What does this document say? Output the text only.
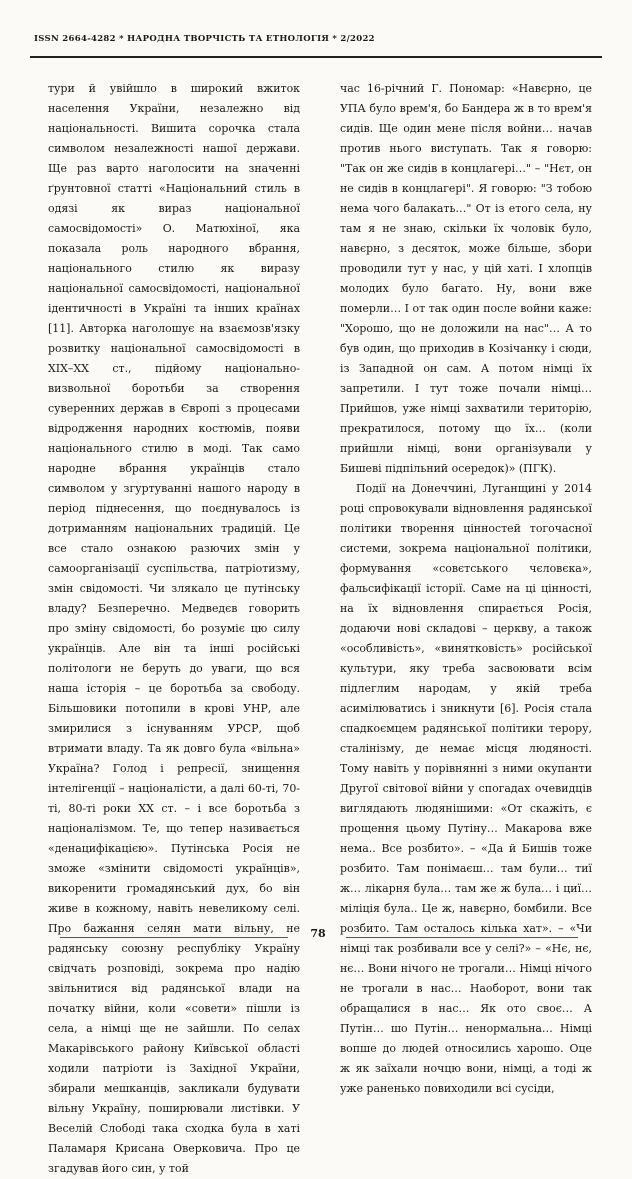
ISSN 2664-4282 * НАРОДНА ТВОРЧІСТЬ ТА ЕТНОЛОГІЯ * 2/2022

тури й увійшло в широкий вжиток населення України, незалежно від національності. Вишита сорочка стала символом незалежності нашої держави. Ще раз варто наголосити на значенні ґрунтовної статті «Національний стиль в одязі як вираз національної самосвідомості» О. Матюхіної, яка показала роль народного вбрання, національного стилю як виразу національної самосвідомості, національної ідентичності в Україні та інших країнах [11]. Авторка наголошує на взаємозв'язку розвитку національної самосвідомості в ХІХ–ХХ ст., підйому національно-визвольної боротьби за створення суверенних держав в Європі з процесами відродження народних костюмів, появи національного стилю в моді. Так само народне вбрання українців стало символом у згуртуванні нашого народу в період піднесення, що поєднувалось із дотриманням національних традицій. Це все стало ознакою разючих змін у самоорганізації суспільства, патріотизму, змін свідомості. Чи злякало це путінську владу? Безперечно. Медведєв говорить про зміну свідомості, бо розуміє цю силу українців. Але він та інші російські політологи не беруть до уваги, що вся наша історія – це боротьба за свободу. Більшовики потопили в крові УНР, але змирилися з існуванням УРСР, щоб втримати владу. Та як довго була «вільна» Україна? Голод і репресії, знищення інтелігенції – націоналісти, а далі 60-ті, 70-ті, 80-ті роки ХХ ст. – і все боротьба з націоналізмом. Те, що тепер називається «денацифікацією». Путінська Росія не зможе «змінити свідомості українців», викоренити громадянський дух, бо він живе в кожному, навіть невеликому селі. Про бажання селян мати вільну, не радянську союзну республіку Україну свідчать розповіді, зокрема про надію звільнитися від радянської влади на початку війни, коли «совети» пішли із села, а німці ще не зайшли. По селах Макарівського району Київської області ходили патріоти із Західної України, збирали мешканців, закликали будувати вільну Україну, поширювали листівки. У Веселій Слободі така сходка була в хаті Паламаря Крисана Оверковича. Про це згадував його син, у той

час 16-річний Г. Пономар: «Навєрно, це УПА було врем'я, бо Бандера ж в то врем'я сидів. Ще один мене після войни… начав против нього виступать. Так я говорю: "Так он же сидів в концлагері…" – "Нєт, он не сидів в концлагері". Я говорю: "З тобою нема чого балакать…" От із етого села, ну там я не знаю, скільки їх чоловік було, навєрно, з десяток, може більше, збори проводили тут у нас, у цій хаті. І хлопців молодих було багато. Ну, вони вже померли… І от так один после войни каже: "Хорошо, що не доложили на нас"… А то був один, що приходив в Козічанку і сюди, із Западной он сам. А потом німці їх запретили. І тут тоже почали німці… Прийшов, уже німці захватили територію, прекратилося, потому що їх… (коли прийшли німці, вони організували у Бишеві підпільний осередок)» (ПГК).

Події на Донеччині, Луганщині у 2014 році спровокували відновлення радянської політики творення цінностей тогочасної системи, зокрема національної політики, формування «совєтського чєловєка», фальсифікації історії. Саме на ці цінності, на їх відновлення спирається Росія, додаючи нові складові – церкву, а також «особливість», «винятковість» російської культури, яку треба засвоювати всім підлеглим народам, у якій треба асимілюватись і зникнути [6]. Росія стала спадкоємцем радянської політики терору, сталінізму, де немає місця людяності. Тому навіть у порівнянні з ними окупанти Другої світової війни у спогадах очевидців виглядають людянішими: «От скажіть, є прощення цьому Путіну… Макарова вже нема.. Все розбито». – «Да й Бишів тоже розбито. Там понімаєш… там були… тиї ж… лікарня була… там же ж була… і циї… міліція була.. Це ж, навєрно, бомбили. Все розбито. Там осталось кілька хат». – «Чи німці так розбивали все у селі?» – «Нє, нє, нє… Вони нічого не трогали… Німці нічого не трогали в нас… Наоборот, вони так обращалися в нас… Як ото своє… А Путін… шо Путін… ненормальна… Німці вопше до людей относились харошо. Оце ж як заїхали ночцю вони, німці, а тоді ж уже раненько повиходили всі сусіди,

78
